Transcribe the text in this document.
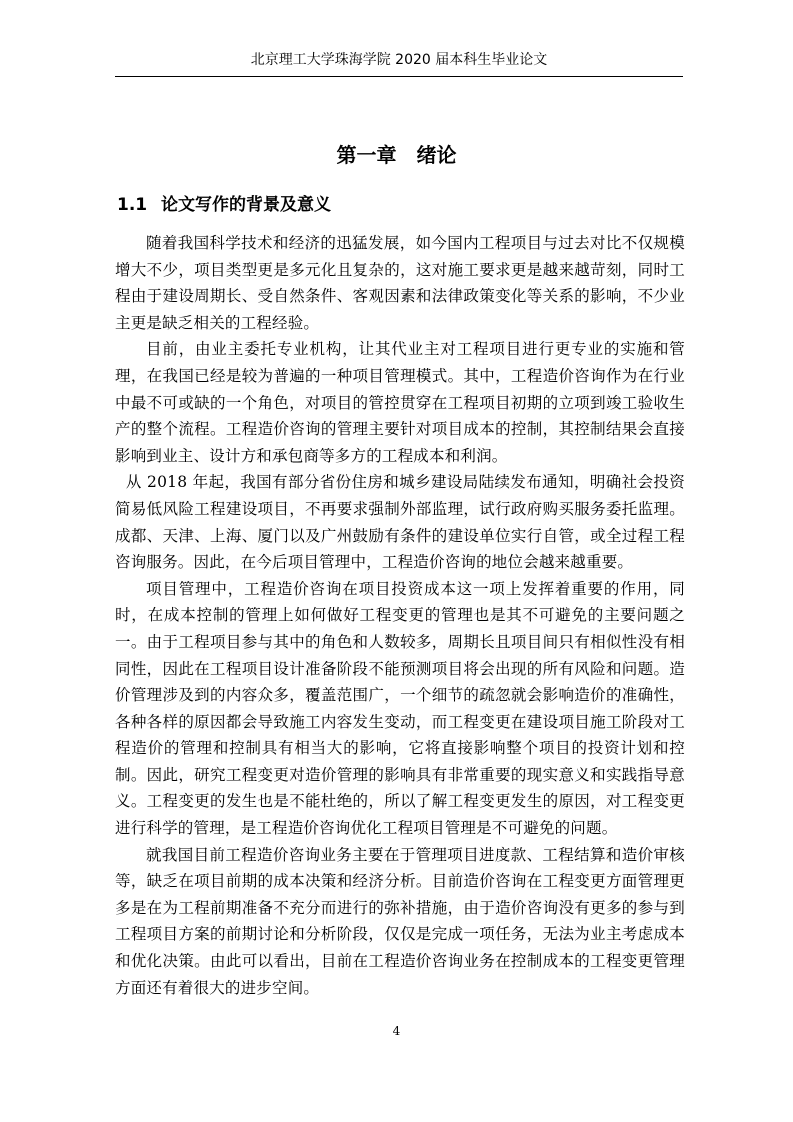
北京理工大学珠海学院 2020 届本科生毕业论文
第一章　绪论
1.1 论文写作的背景及意义

随着我国科学技术和经济的迅猛发展，如今国内工程项目与过去对比不仅规模增大不少，项目类型更是多元化且复杂的，这对施工要求更是越来越苛刻，同时工程由于建设周期长、受自然条件、客观因素和法律政策变化等关系的影响，不少业主更是缺乏相关的工程经验。

目前，由业主委托专业机构，让其代业主对工程项目进行更专业的实施和管理，在我国已经是较为普遍的一种项目管理模式。其中，工程造价咨询作为在行业中最不可或缺的一个角色，对项目的管控贯穿在工程项目初期的立项到竣工验收生产的整个流程。工程造价咨询的管理主要针对项目成本的控制，其控制结果会直接影响到业主、设计方和承包商等多方的工程成本和利润。

从 2018 年起，我国有部分省份住房和城乡建设局陆续发布通知，明确社会投资简易低风险工程建设项目，不再要求强制外部监理，试行政府购买服务委托监理。成都、天津、上海、厦门以及广州鼓励有条件的建设单位实行自管，或全过程工程咨询服务。因此，在今后项目管理中，工程造价咨询的地位会越来越重要。

项目管理中，工程造价咨询在项目投资成本这一项上发挥着重要的作用，同时，在成本控制的管理上如何做好工程变更的管理也是其不可避免的主要问题之一。由于工程项目参与其中的角色和人数较多，周期长且项目间只有相似性没有相同性，因此在工程项目设计准备阶段不能预测项目将会出现的所有风险和问题。造价管理涉及到的内容众多，覆盖范围广，一个细节的疏忽就会影响造价的准确性，各种各样的原因都会导致施工内容发生变动，而工程变更在建设项目施工阶段对工程造价的管理和控制具有相当大的影响，它将直接影响整个项目的投资计划和控制。因此，研究工程变更对造价管理的影响具有非常重要的现实意义和实践指导意义。工程变更的发生也是不能杜绝的，所以了解工程变更发生的原因，对工程变更进行科学的管理，是工程造价咨询优化工程项目管理是不可避免的问题。

就我国目前工程造价咨询业务主要在于管理项目进度款、工程结算和造价审核等，缺乏在项目前期的成本决策和经济分析。目前造价咨询在工程变更方面管理更多是在为工程前期准备不充分而进行的弥补措施，由于造价咨询没有更多的参与到工程项目方案的前期讨论和分析阶段，仅仅是完成一项任务，无法为业主考虑成本和优化决策。由此可以看出，目前在工程造价咨询业务在控制成本的工程变更管理方面还有着很大的进步空间。

4
